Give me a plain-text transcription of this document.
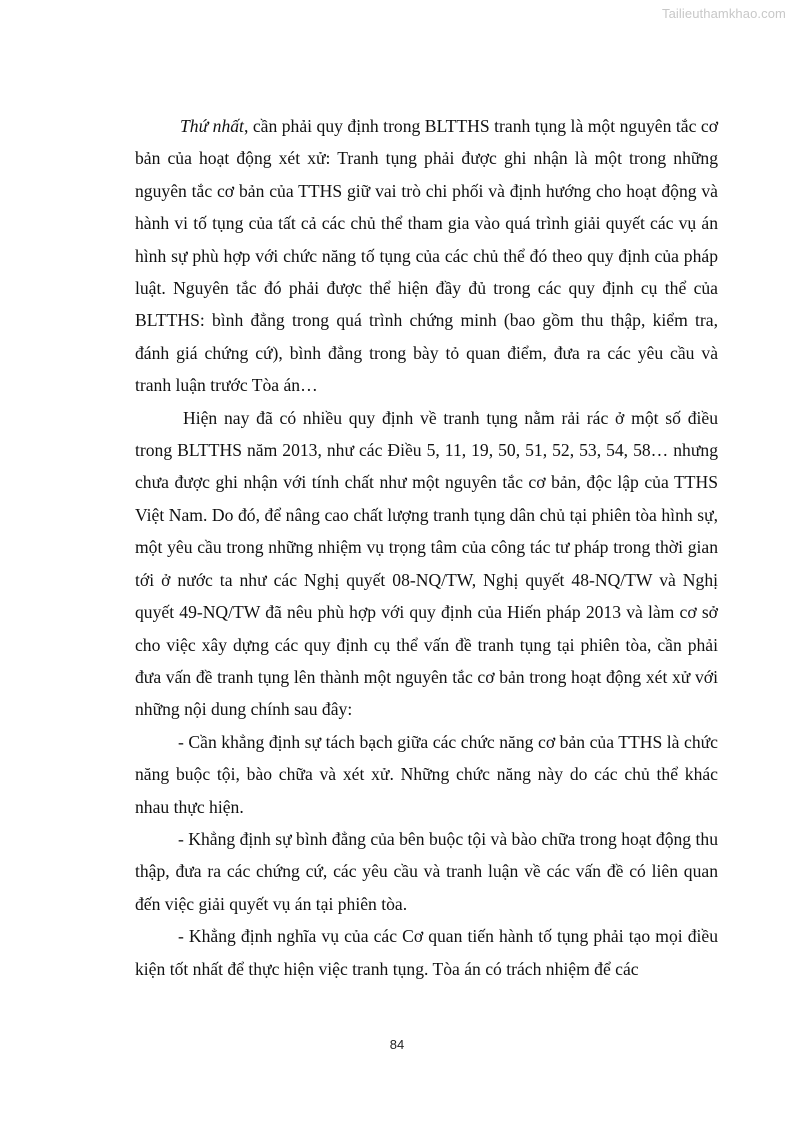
Tailieuthamkhao.com

Thứ nhất, cần phải quy định trong BLTTHS tranh tụng là một nguyên tắc cơ bản của hoạt động xét xử: Tranh tụng phải được ghi nhận là một trong những nguyên tắc cơ bản của TTHS giữ vai trò chi phối và định hướng cho hoạt động và hành vi tố tụng của tất cả các chủ thể tham gia vào quá trình giải quyết các vụ án hình sự phù hợp với chức năng tố tụng của các chủ thể đó theo quy định của pháp luật. Nguyên tắc đó phải được thể hiện đầy đủ trong các quy định cụ thể của BLTTHS: bình đẳng trong quá trình chứng minh (bao gồm thu thập, kiểm tra, đánh giá chứng cứ), bình đẳng trong bày tỏ quan điểm, đưa ra các yêu cầu và tranh luận trước Tòa án…

Hiện nay đã có nhiều quy định về tranh tụng nằm rải rác ở một số điều trong BLTTHS năm 2013, như các Điều 5, 11, 19, 50, 51, 52, 53, 54, 58… nhưng chưa được ghi nhận với tính chất như một nguyên tắc cơ bản, độc lập của TTHS Việt Nam. Do đó, để nâng cao chất lượng tranh tụng dân chủ tại phiên tòa hình sự, một yêu cầu trong những nhiệm vụ trọng tâm của công tác tư pháp trong thời gian tới ở nước ta như các Nghị quyết 08-NQ/TW, Nghị quyết 48-NQ/TW và Nghị quyết 49-NQ/TW đã nêu phù hợp với quy định của Hiến pháp 2013 và làm cơ sở cho việc xây dựng các quy định cụ thể vấn đề tranh tụng tại phiên tòa, cần phải đưa vấn đề tranh tụng lên thành một nguyên tắc cơ bản trong hoạt động xét xử với những nội dung chính sau đây:

- Cần khẳng định sự tách bạch giữa các chức năng cơ bản của TTHS là chức năng buộc tội, bào chữa và xét xử. Những chức năng này do các chủ thể khác nhau thực hiện.

- Khẳng định sự bình đẳng của bên buộc tội và bào chữa trong hoạt động thu thập, đưa ra các chứng cứ, các yêu cầu và tranh luận về các vấn đề có liên quan đến việc giải quyết vụ án tại phiên tòa.

- Khẳng định nghĩa vụ của các Cơ quan tiến hành tố tụng phải tạo mọi điều kiện tốt nhất để thực hiện việc tranh tụng. Tòa án có trách nhiệm để các

84
